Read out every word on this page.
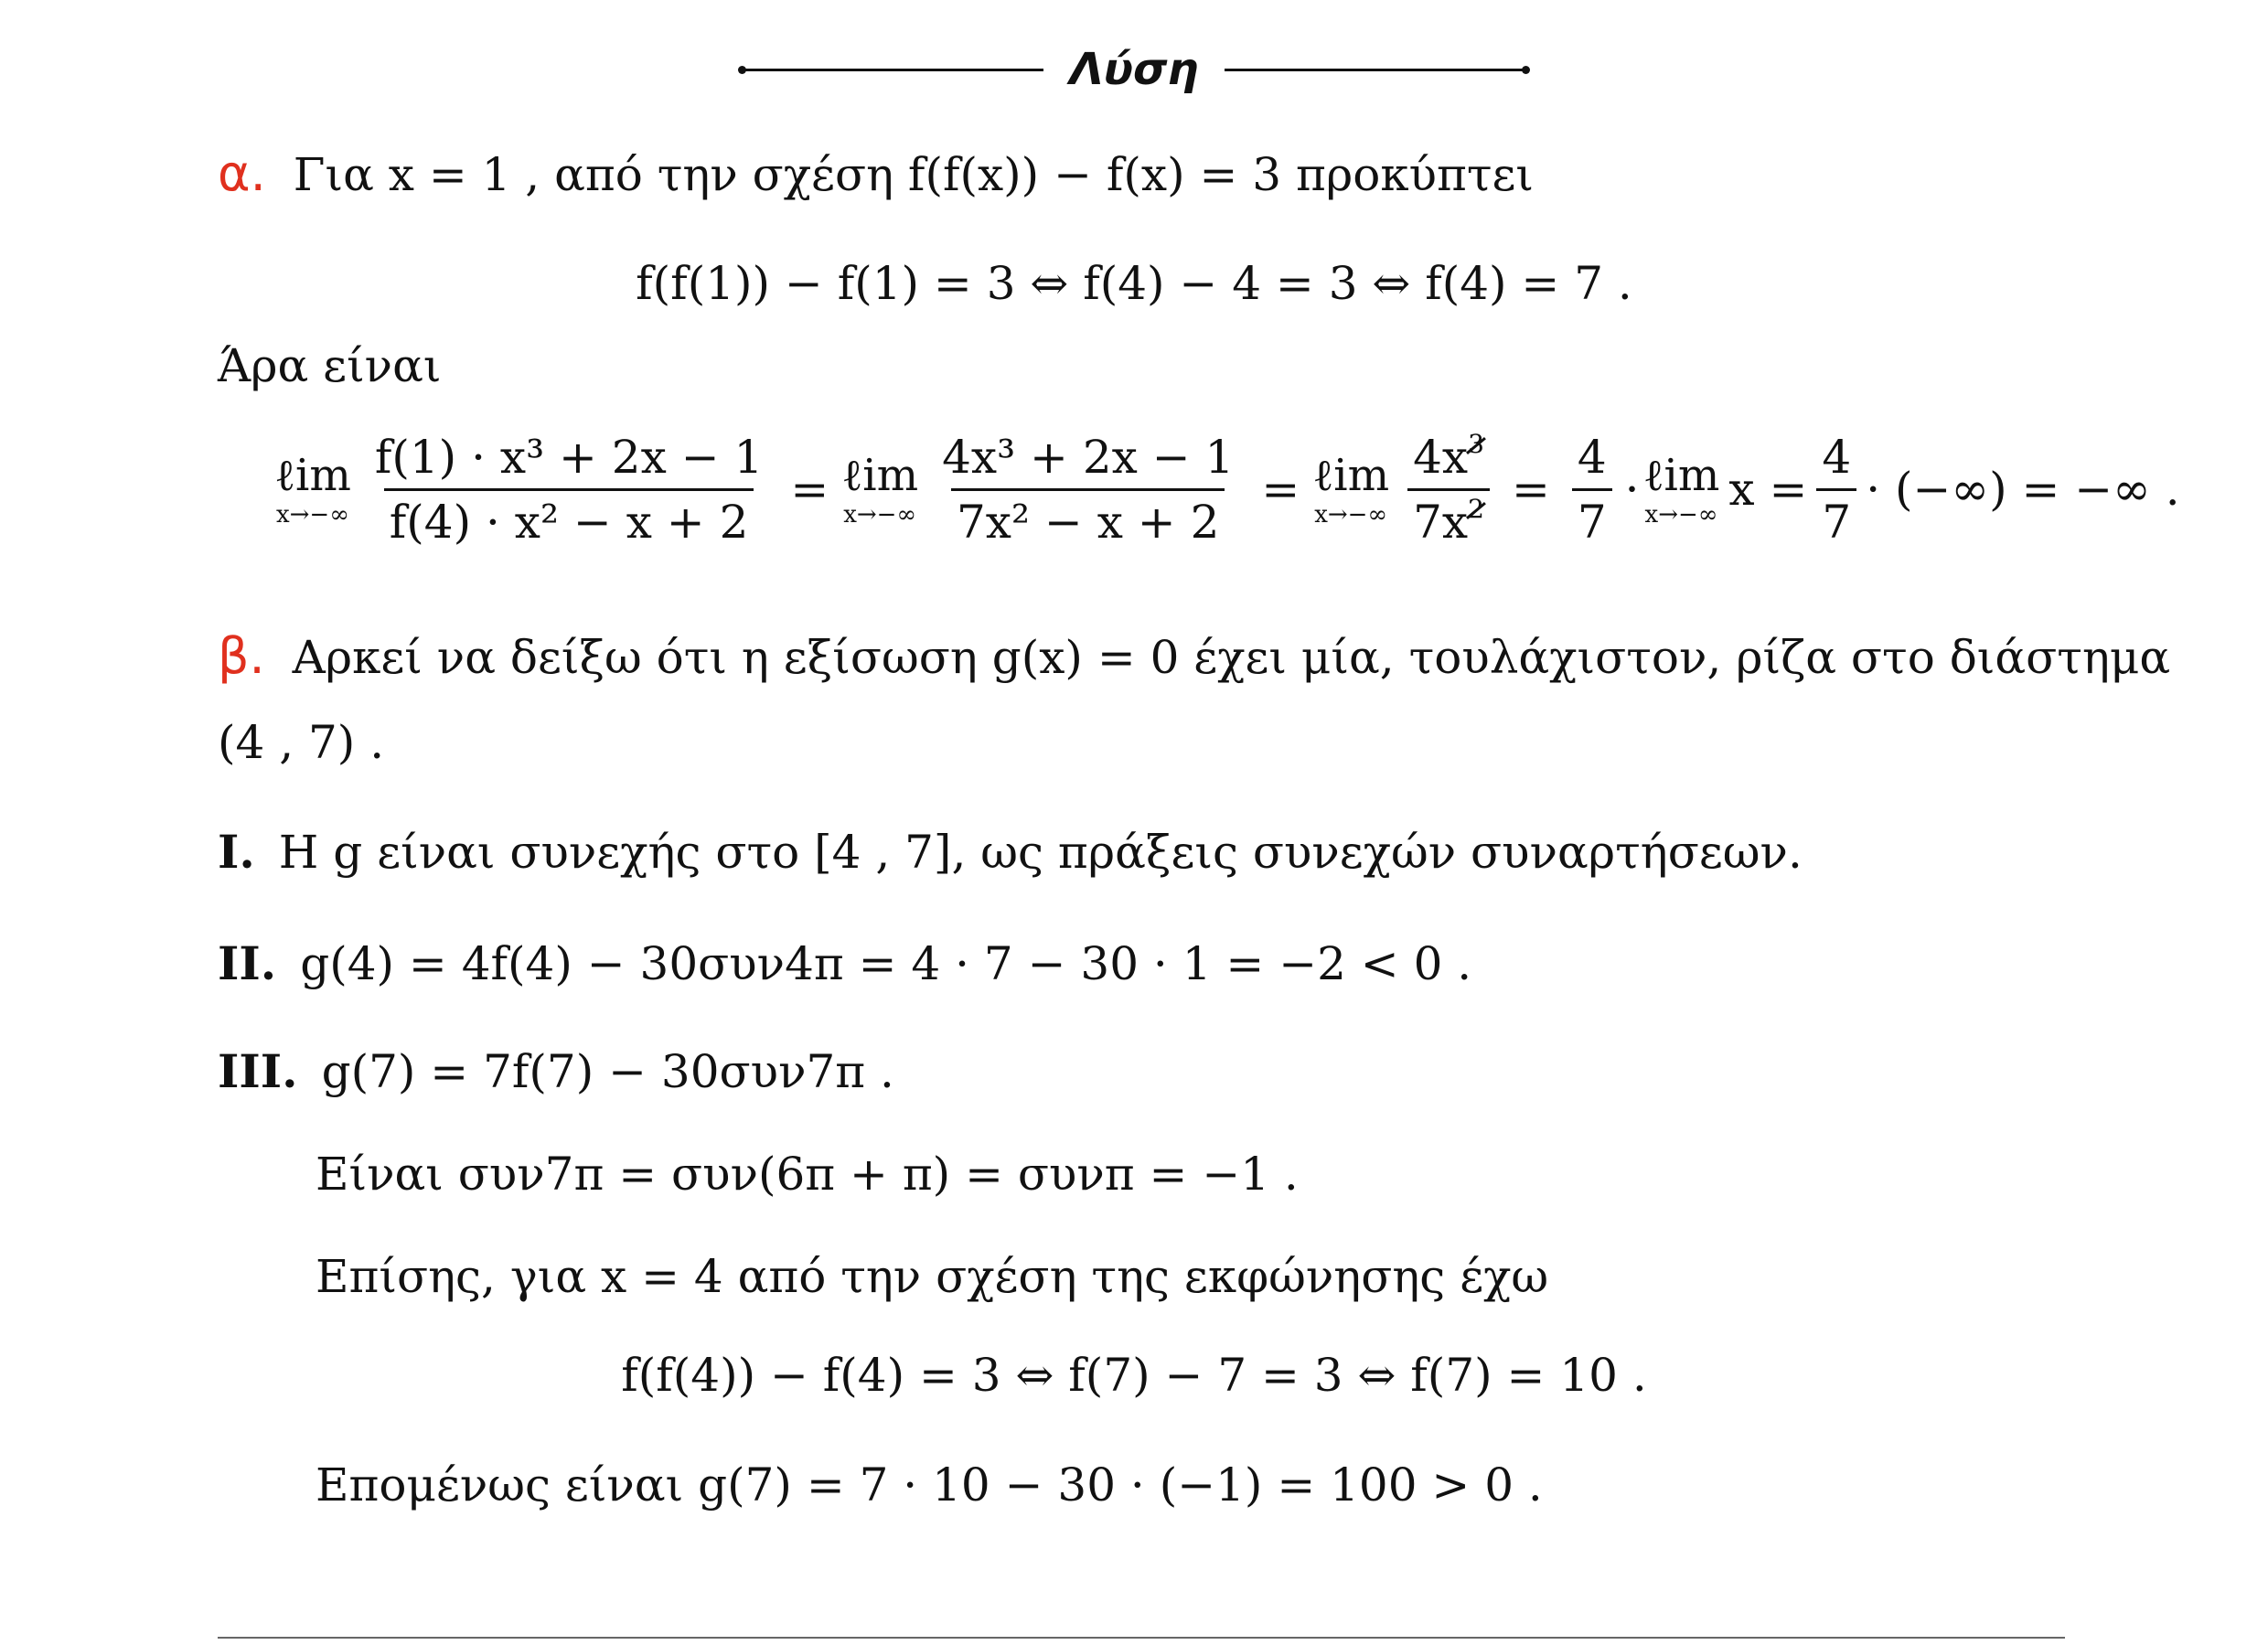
Λύση
α. Για x = 1 , από την σχέση f(f(x)) − f(x) = 3 προκύπτει
f(f(1)) − f(1) = 3 ⇔ f(4) − 4 = 3 ⇔ f(4) = 7 .
Άρα είναι
ℓim
$x\to-\infty \frac{\text{f(1) · x³ + 2x − 1}}{\text{f(4) · x² − x + 2}}$ = ℓim
$x\to-\infty \frac{\text{4x³ + 2x − 1}}{\text{7x² − x + 2}}$ = ℓim
$x\to-\infty \frac{4x^3}{7x^2} = \frac{4}{7}$ · ℓim
x→−∞ $x = \frac{4}{7}$ · (−∞) = −∞ .
β. Αρκεί να δείξω ότι η εξίσωση g(x) = 0 έχει μία, τουλάχιστον, ρίζα στο διάστημα
(4 , 7) .
I. Η g είναι συνεχής στο [4 , 7], ως πράξεις συνεχών συναρτήσεων.
II. g(4) = 4f(4) − 30συν4π = 4 · 7 − 30 · 1 = −2 < 0 .
III. g(7) = 7f(7) − 30συν7π .
Είναι συν7π = συν(6π + π) = συνπ = −1 .
Επίσης, για x = 4 από την σχέση της εκφώνησης έχω
f(f(4)) − f(4) = 3 ⇔ f(7) − 7 = 3 ⇔ f(7) = 10 .
Επομένως είναι g(7) = 7 · 10 − 30 · (−1) = 100 > 0 .
